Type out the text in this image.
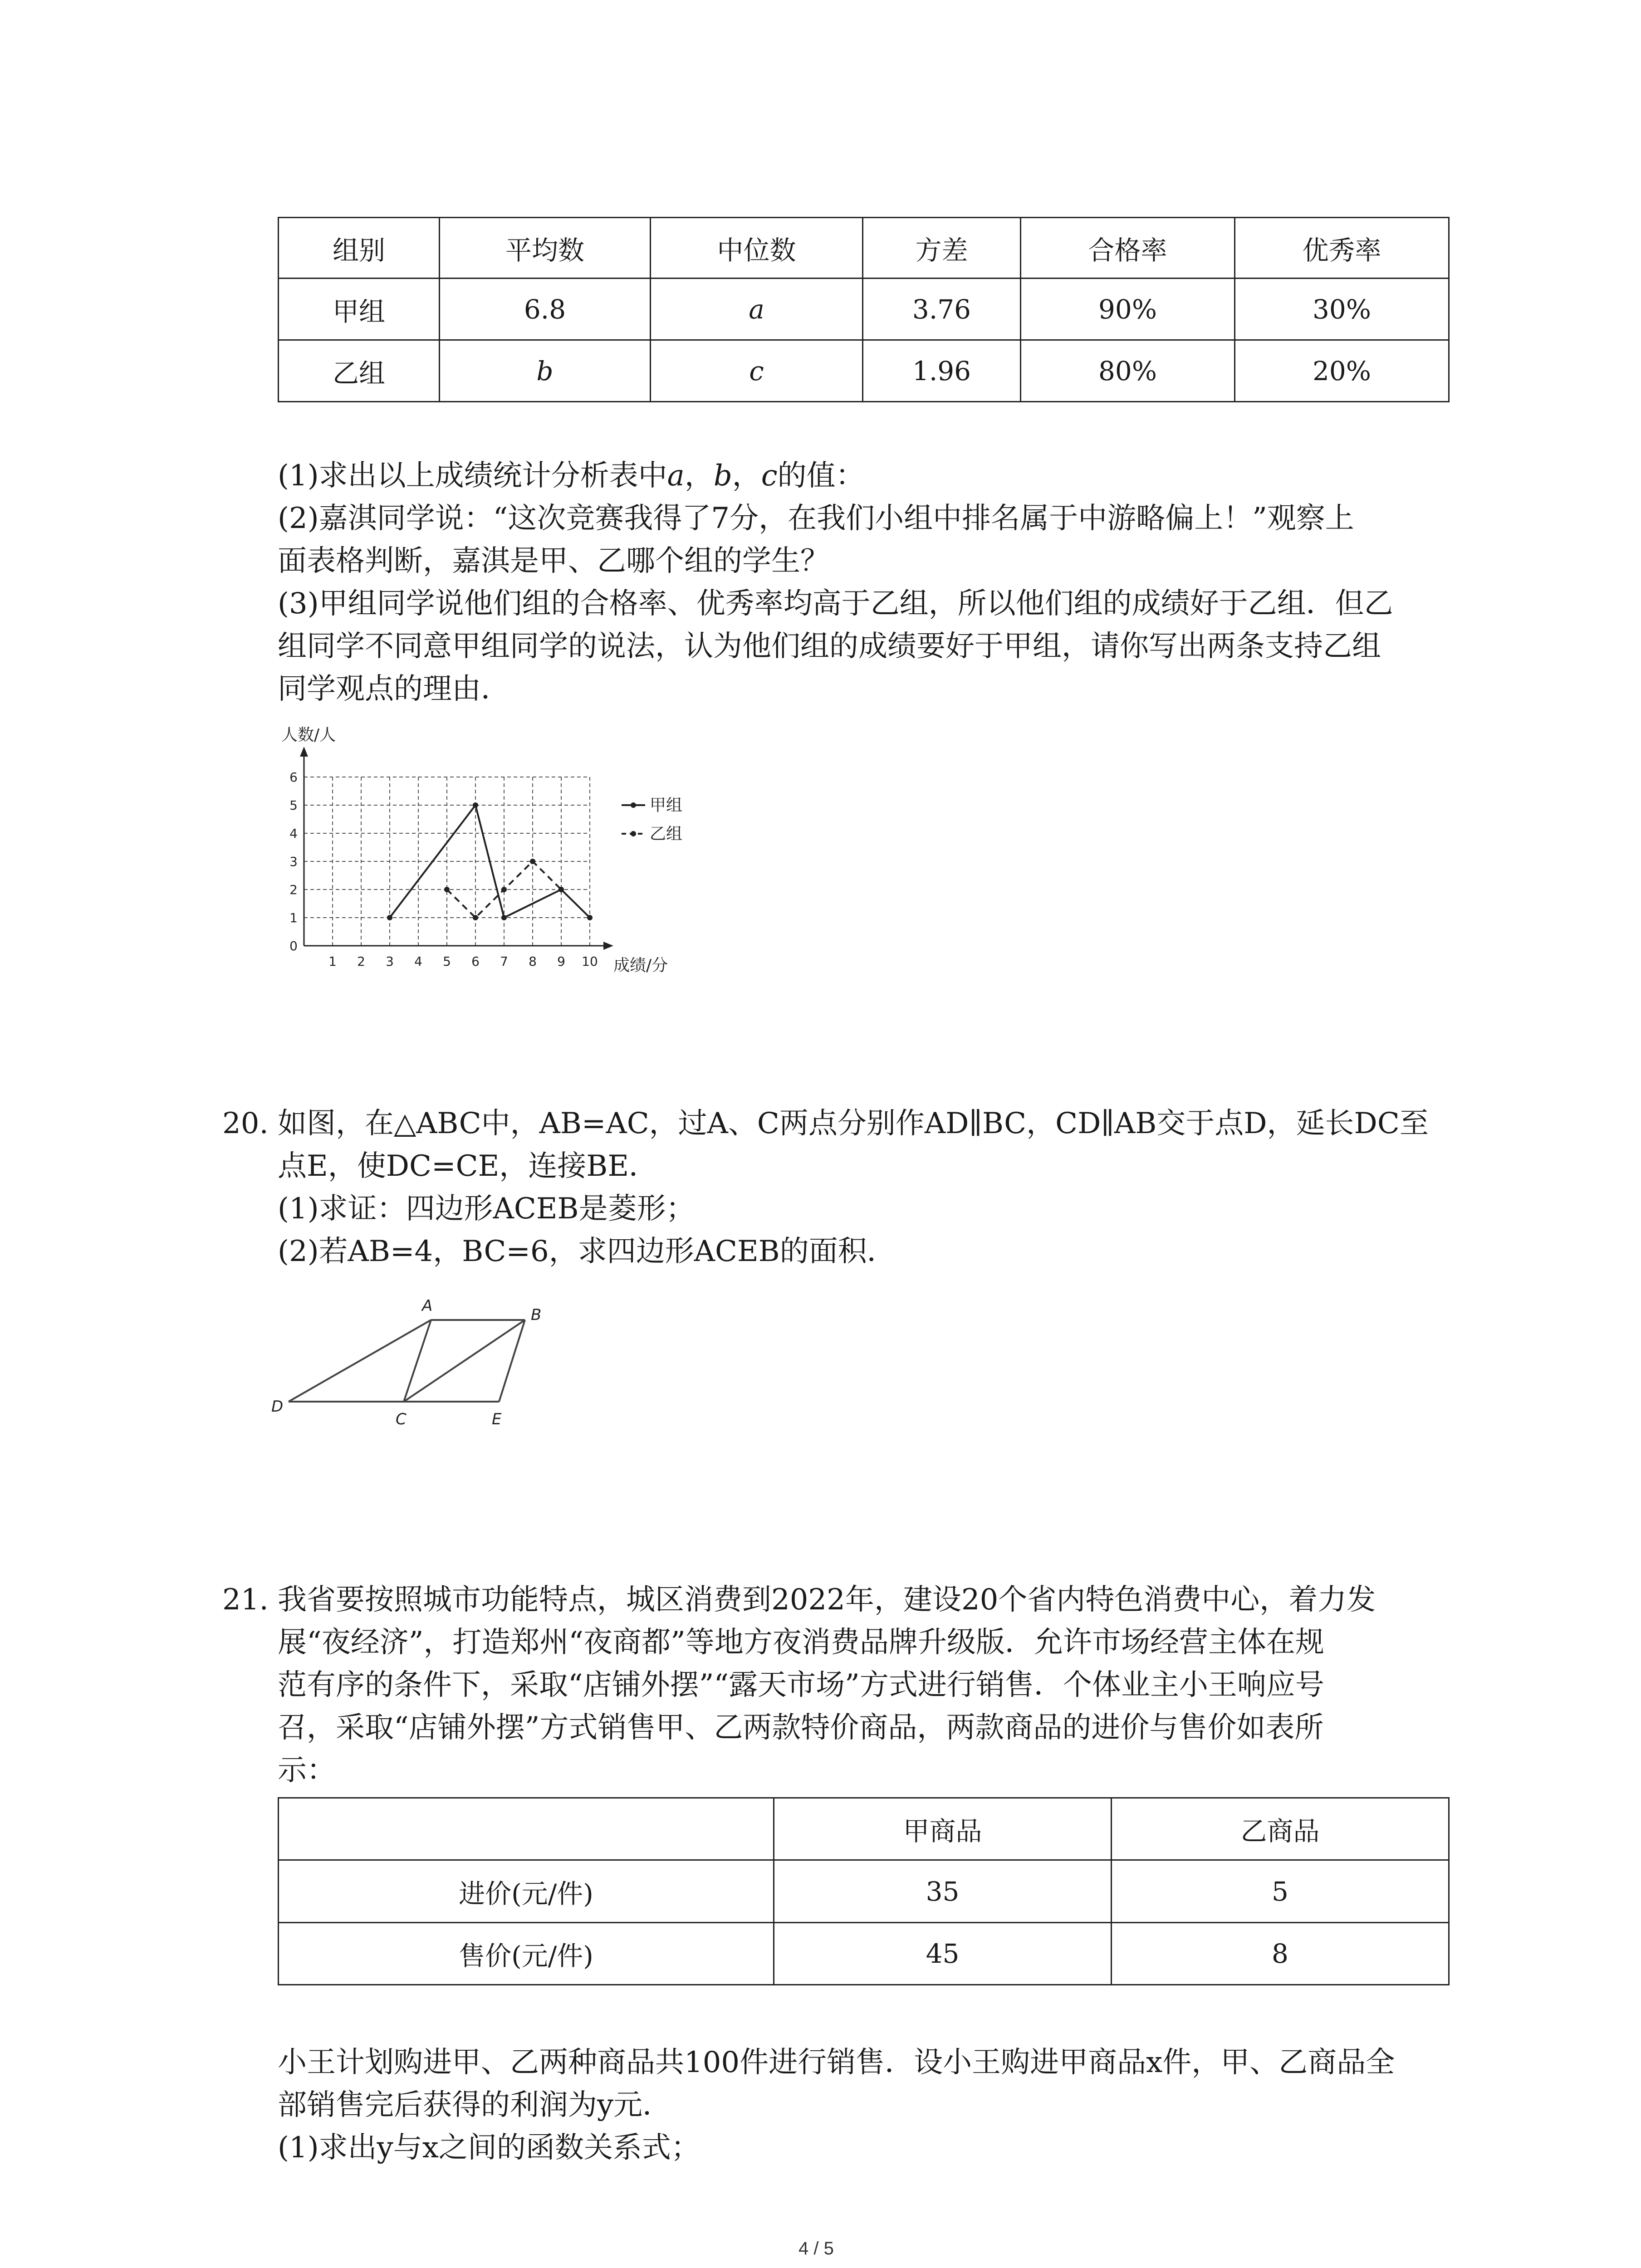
组别	平均数	中位数	方差	合格率	优秀率
甲组	6.8	a	3.76	90%	30%
乙组	b	c	1.96	80%	20%

(1)求出以上成绩统计分析表中a，b，c的值：

(2)嘉淇同学说：“这次竞赛我得了7分，在我们小组中排名属于中游略偏上！”观察上

面表格判断，嘉淇是甲、乙哪个组的学生？

(3)甲组同学说他们组的合格率、优秀率均高于乙组，所以他们组的成绩好于乙组．但乙

组同学不同意甲组同学的说法，认为他们组的成绩要好于甲组，请你写出两条支持乙组

同学观点的理由．

1 2 3 4 5 6 7 8 9 10
0
1
2
3
4
5
6
人数/人
成绩/分
甲组
乙组
20. 如图，在△ABC中，AB=AC，过A、C两点分别作AD∥BC，CD∥AB交于点D，延长DC至

点E，使DC=CE，连接BE．

(1)求证：四边形ACEB是菱形；

(2)若AB=4，BC=6，求四边形ACEB的面积．

A	B
C
D
E
21. 我省要按照城市功能特点，城区消费到2022年，建设20个省内特色消费中心，着力发

展“夜经济”，打造郑州“夜商都”等地方夜消费品牌升级版．允许市场经营主体在规

范有序的条件下，采取“店铺外摆”“露天市场”方式进行销售．个体业主小王响应号

召，采取“店铺外摆”方式销售甲、乙两款特价商品，两款商品的进价与售价如表所

示：

	甲商品	乙商品
进价(元/件)	35	5
售价(元/件)	45	8

小王计划购进甲、乙两种商品共100件进行销售．设小王购进甲商品x件，甲、乙商品全

部销售完后获得的利润为y元．

(1)求出y与x之间的函数关系式；

4 / 5
